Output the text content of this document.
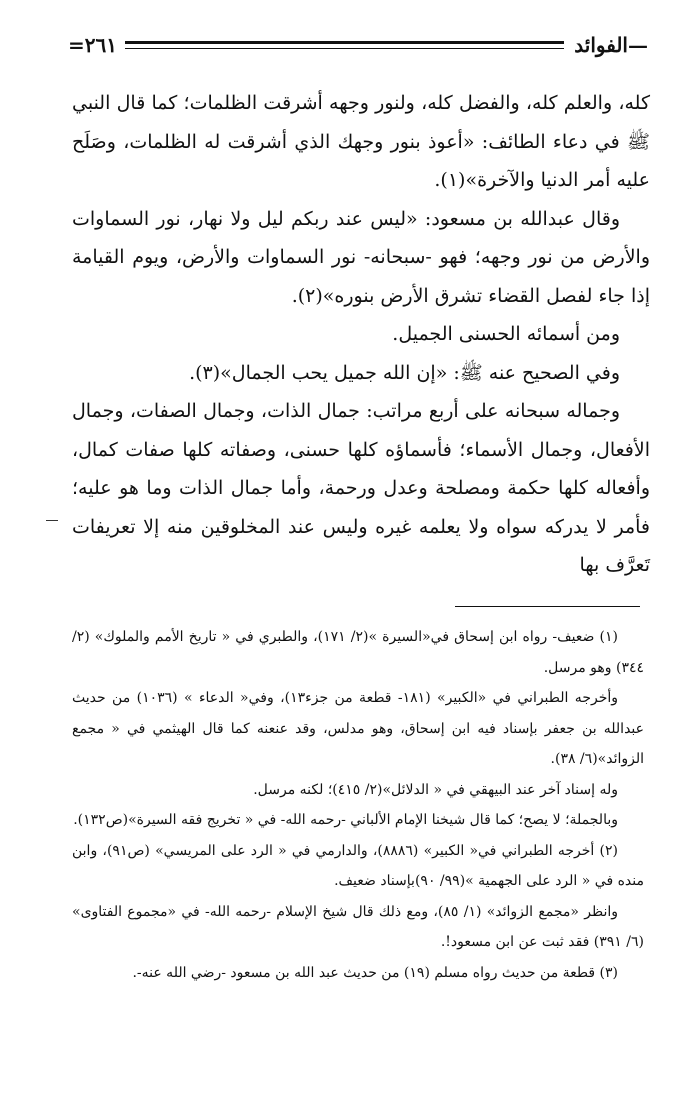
—
الفوائد
٢٦١
=

كله، والعلم كله، والفضل كله، ولنور وجهه أشرقت الظلمات؛ كما قال النبي ﷺ في دعاء الطائف: «أعوذ بنور وجهك الذي أشرقت له الظلمات، وصَلَح عليه أمر الدنيا والآخرة»(١).

وقال عبدالله بن مسعود: «ليس عند ربكم ليل ولا نهار، نور السماوات والأرض من نور وجهه؛ فهو -سبحانه- نور السماوات والأرض، ويوم القيامة إذا جاء لفصل القضاء تشرق الأرض بنوره»(٢).

ومن أسمائه الحسنى الجميل.

وفي الصحيح عنه ﷺ: «إن الله جميل يحب الجمال»(٣).

وجماله سبحانه على أربع مراتب: جمال الذات، وجمال الصفات، وجمال الأفعال، وجمال الأسماء؛ فأسماؤه كلها حسنى، وصفاته كلها صفات كمال، وأفعاله كلها حكمة ومصلحة وعدل ورحمة، وأما جمال الذات وما هو عليه؛ فأمر لا يدركه سواه ولا يعلمه غيره وليس عند المخلوقين منه إلا تعريفات تَعرَّف بها

(١) ضعيف- رواه ابن إسحاق في«السيرة »(٢/ ١٧١)، والطبري في « تاريخ الأمم والملوك» (٢/ ٣٤٤) وهو مرسل.

وأخرجه الطبراني في «الكبير» (١٨١- قطعة من جزء١٣)، وفي« الدعاء » (١٠٣٦) من حديث عبدالله بن جعفر بإسناد فيه ابن إسحاق، وهو مدلس، وقد عنعنه كما قال الهيثمي في « مجمع الزوائد»(٦/ ٣٨).

وله إسناد آخر عند البيهقي في « الدلائل»(٢/ ٤١٥)؛ لكنه مرسل.

وبالجملة؛ لا يصح؛ كما قال شيخنا الإمام الألباني -رحمه الله- في « تخريج فقه السيرة»(ص١٣٢).

(٢) أخرجه الطبراني في« الكبير» (٨٨٨٦)، والدارمي في « الرد على المريسي» (ص٩١)، وابن منده في « الرد على الجهمية »(٩٩/ ٩٠)بإسناد ضعيف.

وانظر «مجمع الزوائد» (١/ ٨٥)، ومع ذلك قال شيخ الإسلام -رحمه الله- في «مجموع الفتاوى» (٦/ ٣٩١) فقد ثبت عن ابن مسعود!.

(٣) قطعة من حديث رواه مسلم (١٩) من حديث عبد الله بن مسعود -رضي الله عنه-.
